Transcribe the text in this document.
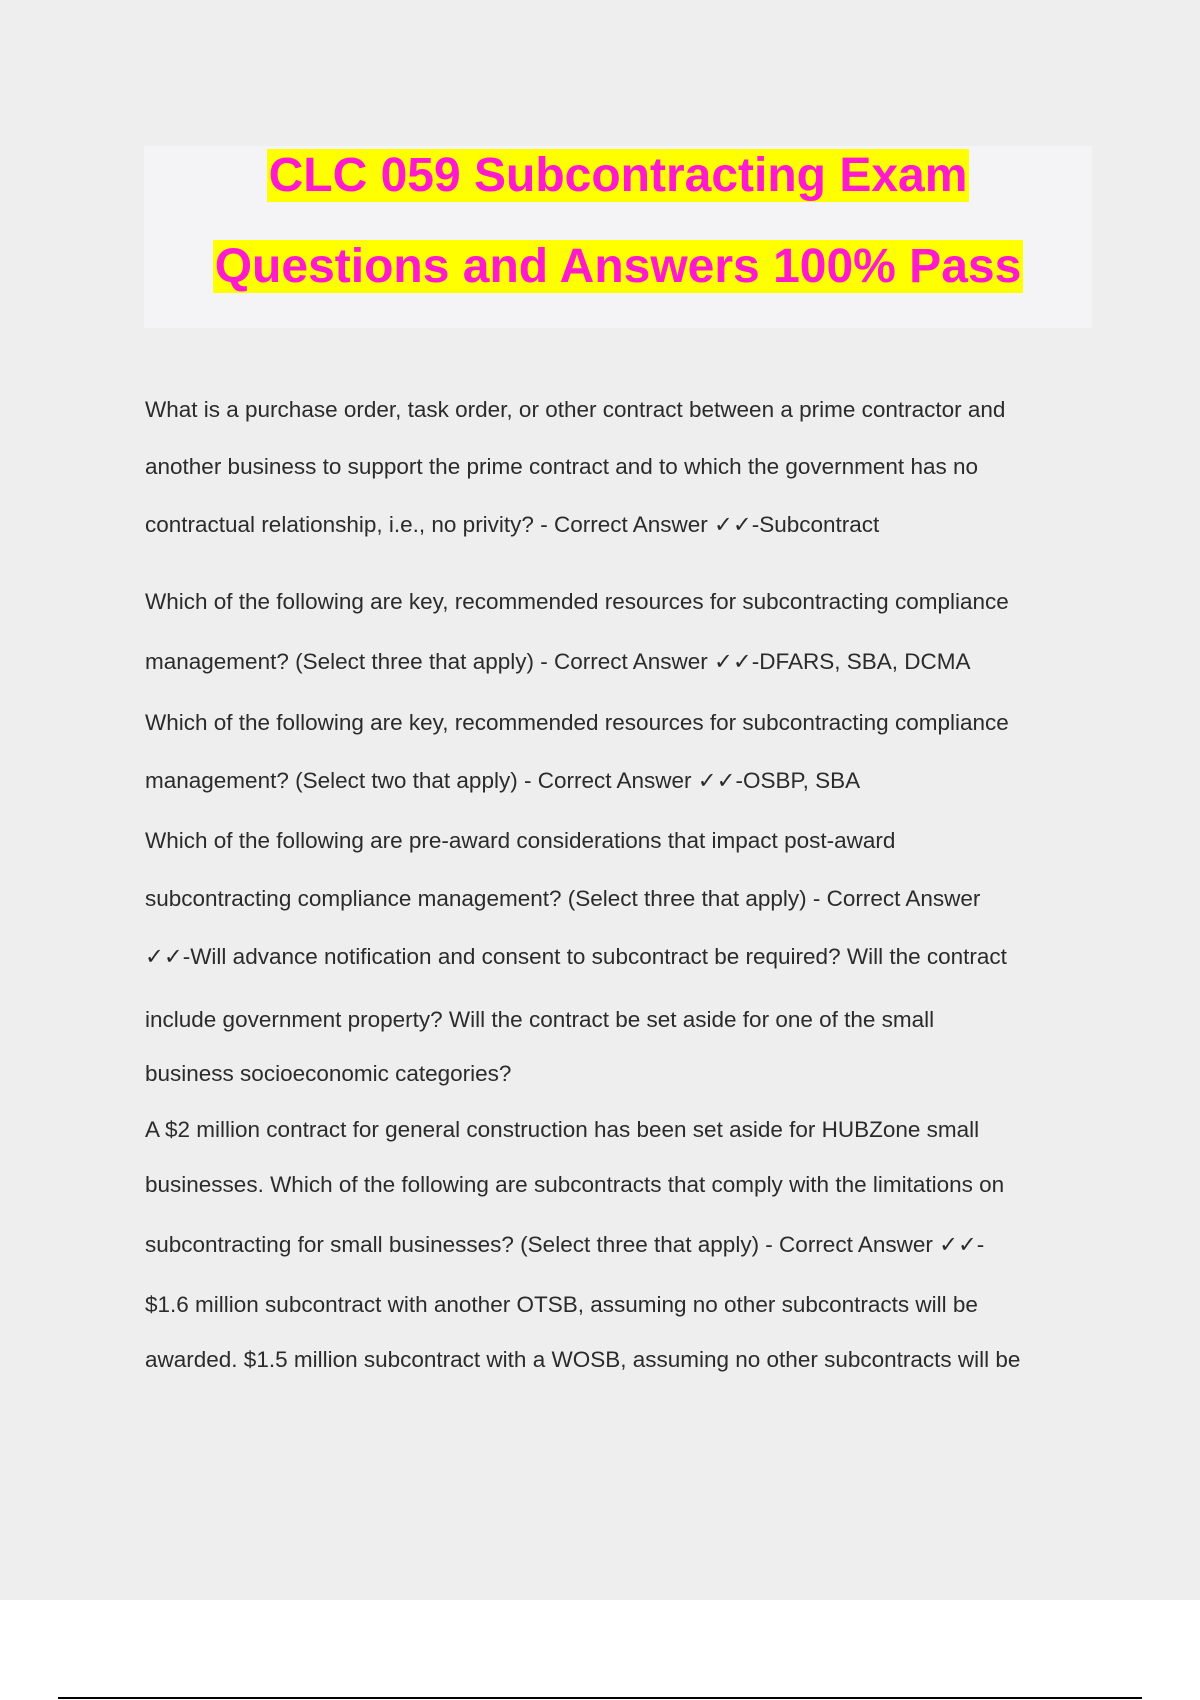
CLC 059 Subcontracting Exam
Questions and Answers 100% Pass
What is a purchase order, task order, or other contract between a prime contractor and
another business to support the prime contract and to which the government has no
contractual relationship, i.e., no privity? - Correct Answer ✓✓-Subcontract
Which of the following are key, recommended resources for subcontracting compliance
management? (Select three that apply) - Correct Answer ✓✓-DFARS, SBA, DCMA
Which of the following are key, recommended resources for subcontracting compliance
management? (Select two that apply) - Correct Answer ✓✓-OSBP, SBA
Which of the following are pre-award considerations that impact post-award
subcontracting compliance management? (Select three that apply) - Correct Answer
✓✓-Will advance notification and consent to subcontract be required? Will the contract
include government property? Will the contract be set aside for one of the small
business socioeconomic categories?
A $2 million contract for general construction has been set aside for HUBZone small
businesses. Which of the following are subcontracts that comply with the limitations on
subcontracting for small businesses? (Select three that apply) - Correct Answer ✓✓-
$1.6 million subcontract with another OTSB, assuming no other subcontracts will be
awarded. $1.5 million subcontract with a WOSB, assuming no other subcontracts will be
